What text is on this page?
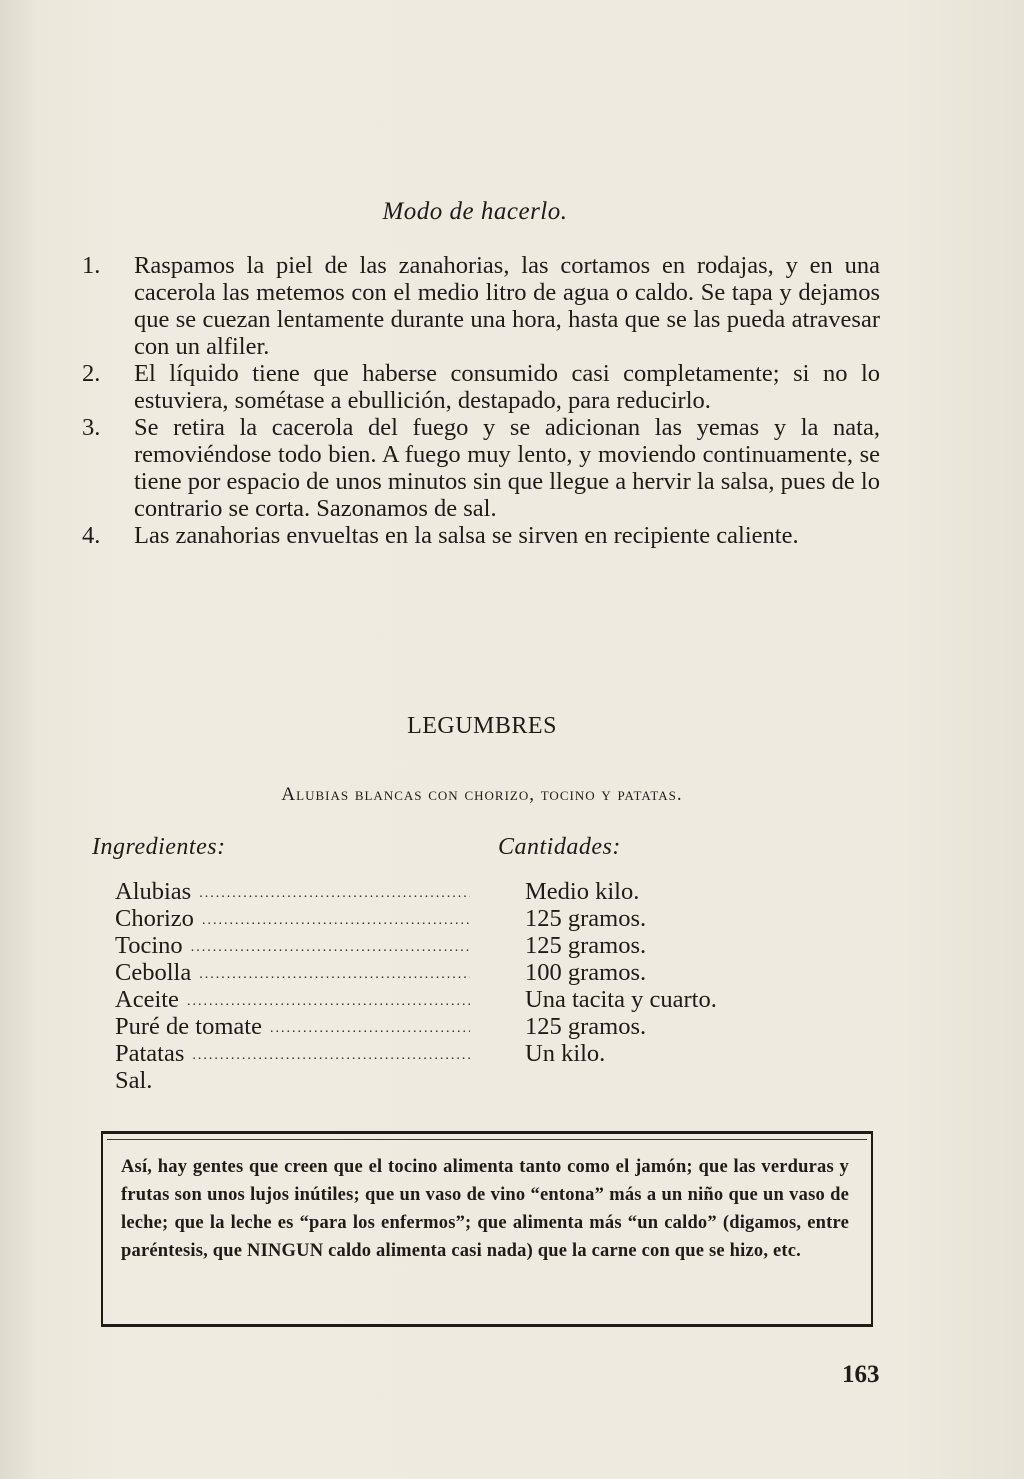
Modo de hacerlo.
1.	Raspamos la piel de las zanahorias, las cortamos en rodajas, y en una cacerola las metemos con el medio litro de agua o caldo. Se tapa y dejamos que se cuezan lentamente durante una hora, hasta que se las pueda atravesar con un alfiler.
2.	El líquido tiene que haberse consumido casi completamente; si no lo estuviera, sométase a ebullición, destapado, para reducirlo.
3.	Se retira la cacerola del fuego y se adicionan las yemas y la nata, removiéndose todo bien. A fuego muy lento, y moviendo continuamente, se tiene por espacio de unos minutos sin que llegue a hervir la salsa, pues de lo contrario se corta. Sazonamos de sal.
4.	Las zanahorias envueltas en la salsa se sirven en recipiente caliente.
LEGUMBRES
Alubias blancas con chorizo, tocino y patatas.
Ingredientes:	Cantidades:
Alubias .....	Medio kilo.
Chorizo .....	125 gramos.
Tocino .....	125 gramos.
Cebolla .....	100 gramos.
Aceite .....	Una tacita y cuarto.
Puré de tomate .....	125 gramos.
Patatas .....	Un kilo.
Sal.
Así, hay gentes que creen que el tocino alimenta tanto como el jamón; que las verduras y frutas son unos lujos inútiles; que un vaso de vino “entona” más a un niño que un vaso de leche; que la leche es “para los enfermos”; que alimenta más “un caldo” (digamos, entre paréntesis, que NINGUN caldo alimenta casi nada) que la carne con que se hizo, etc.
163
